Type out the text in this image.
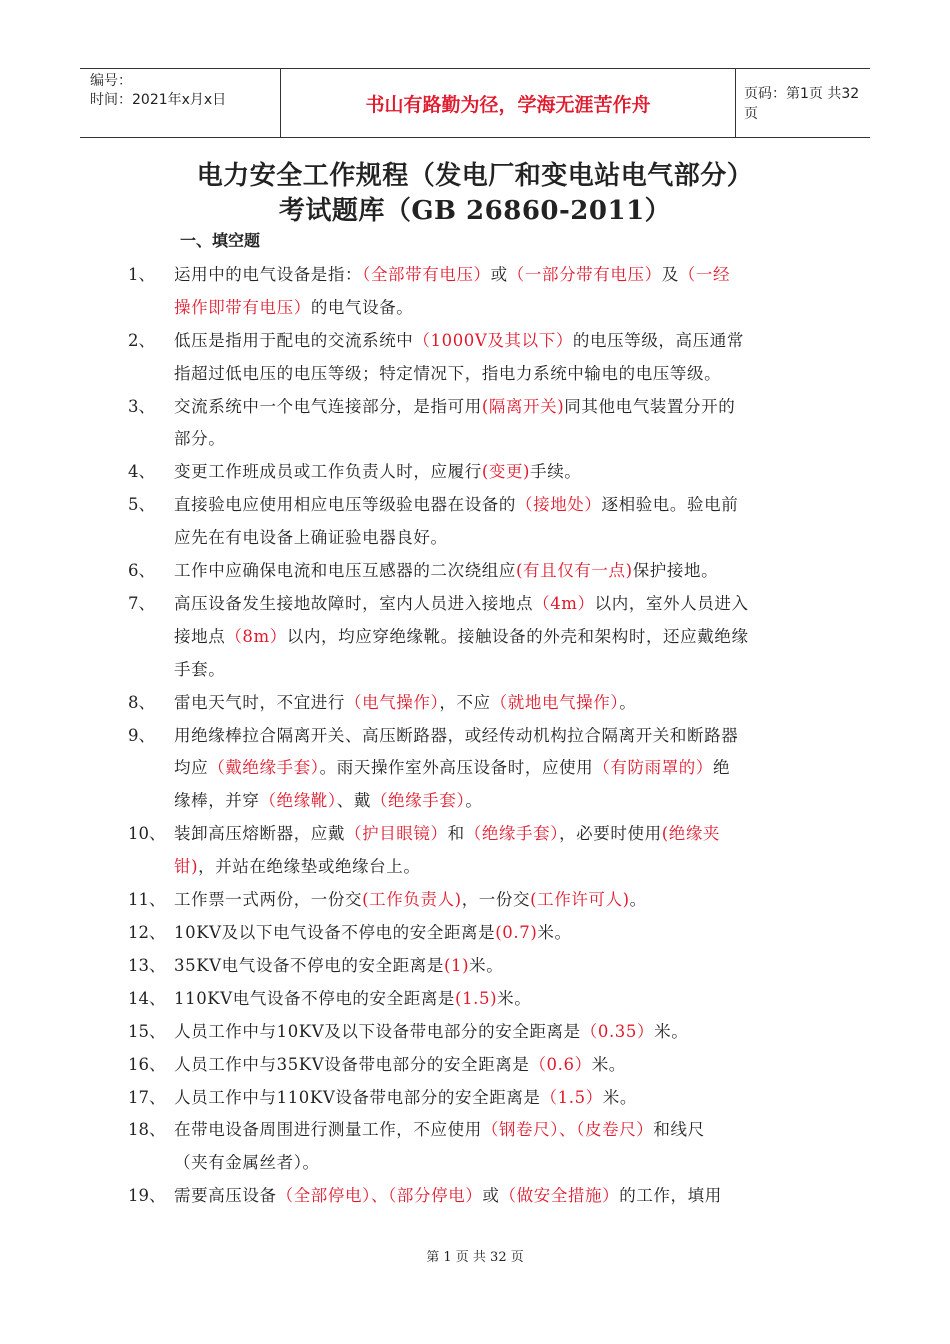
编号：
时间：2021年x月x日	书山有路勤为径，学海无涯苦作舟	页码：第1页 共32页
电力安全工作规程（发电厂和变电站电气部分）
考试题库（GB 26860-2011）
一、填空题
1、 运用中的电气设备是指：（全部带有电压）或（一部分带有电压）及（一经
操作即带有电压）的电气设备。
2、 低压是指用于配电的交流系统中（1000V及其以下）的电压等级，高压通常
指超过低电压的电压等级；特定情况下，指电力系统中输电的电压等级。
3、 交流系统中一个电气连接部分，是指可用(隔离开关)同其他电气装置分开的
部分。
4、 变更工作班成员或工作负责人时，应履行(变更)手续。
5、 直接验电应使用相应电压等级验电器在设备的（接地处）逐相验电。验电前
应先在有电设备上确证验电器良好。
6、 工作中应确保电流和电压互感器的二次绕组应(有且仅有一点)保护接地。
7、 高压设备发生接地故障时，室内人员进入接地点（4m）以内，室外人员进入
接地点（8m）以内，均应穿绝缘靴。接触设备的外壳和架构时，还应戴绝缘
手套。
8、 雷电天气时，不宜进行（电气操作），不应（就地电气操作）。
9、 用绝缘棒拉合隔离开关、高压断路器，或经传动机构拉合隔离开关和断路器
均应（戴绝缘手套）。雨天操作室外高压设备时，应使用（有防雨罩的）绝
缘棒，并穿（绝缘靴）、戴（绝缘手套）。
10、 装卸高压熔断器，应戴（护目眼镜）和（绝缘手套），必要时使用(绝缘夹
钳)，并站在绝缘垫或绝缘台上。
11、 工作票一式两份，一份交(工作负责人)，一份交(工作许可人)。
12、 10KV及以下电气设备不停电的安全距离是(0.7)米。
13、 35KV电气设备不停电的安全距离是(1)米。
14、 110KV电气设备不停电的安全距离是(1.5)米。
15、 人员工作中与10KV及以下设备带电部分的安全距离是（0.35）米。
16、 人员工作中与35KV设备带电部分的安全距离是（0.6）米。
17、 人员工作中与110KV设备带电部分的安全距离是（1.5）米。
18、 在带电设备周围进行测量工作，不应使用（钢卷尺）、（皮卷尺）和线尺
（夹有金属丝者）。
19、 需要高压设备（全部停电）、（部分停电）或（做安全措施）的工作，填用
第 1 页 共 32 页
